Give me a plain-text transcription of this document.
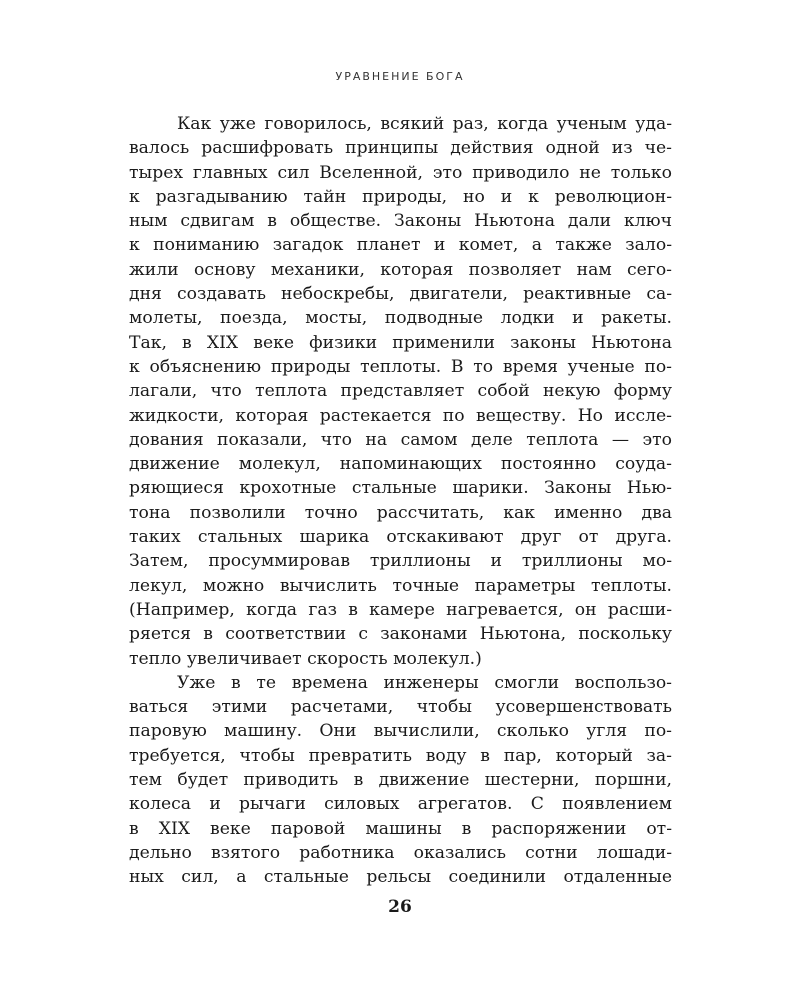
УРАВНЕНИЕ БОГА
Как уже говорилось, всякий раз, когда ученым уда-
валось расшифровать принципы действия одной из че-
тырех главных сил Вселенной, это приводило не только
к разгадыванию тайн природы, но и к революцион-
ным сдвигам в обществе. Законы Ньютона дали ключ
к пониманию загадок планет и комет, а также зало-
жили основу механики, которая позволяет нам сего-
дня создавать небоскребы, двигатели, реактивные са-
молеты, поезда, мосты, подводные лодки и ракеты.
Так, в XIX веке физики применили законы Ньютона
к объяснению природы теплоты. В то время ученые по-
лагали, что теплота представляет собой некую форму
жидкости, которая растекается по веществу. Но иссле-
дования показали, что на самом деле теплота — это
движение молекул, напоминающих постоянно соуда-
ряющиеся крохотные стальные шарики. Законы Нью-
тона позволили точно рассчитать, как именно два
таких стальных шарика отскакивают друг от друга.
Затем, просуммировав триллионы и триллионы мо-
лекул, можно вычислить точные параметры теплоты.
(Например, когда газ в камере нагревается, он расши-
ряется в соответствии с законами Ньютона, поскольку
тепло увеличивает скорость молекул.)
Уже в те времена инженеры смогли воспользо-
ваться этими расчетами, чтобы усовершенствовать
паровую машину. Они вычислили, сколько угля по-
требуется, чтобы превратить воду в пар, который за-
тем будет приводить в движение шестерни, поршни,
колеса и рычаги силовых агрегатов. С появлением
в XIX веке паровой машины в распоряжении от-
дельно взятого работника оказались сотни лошади-
ных сил, а стальные рельсы соединили отдаленные
26
